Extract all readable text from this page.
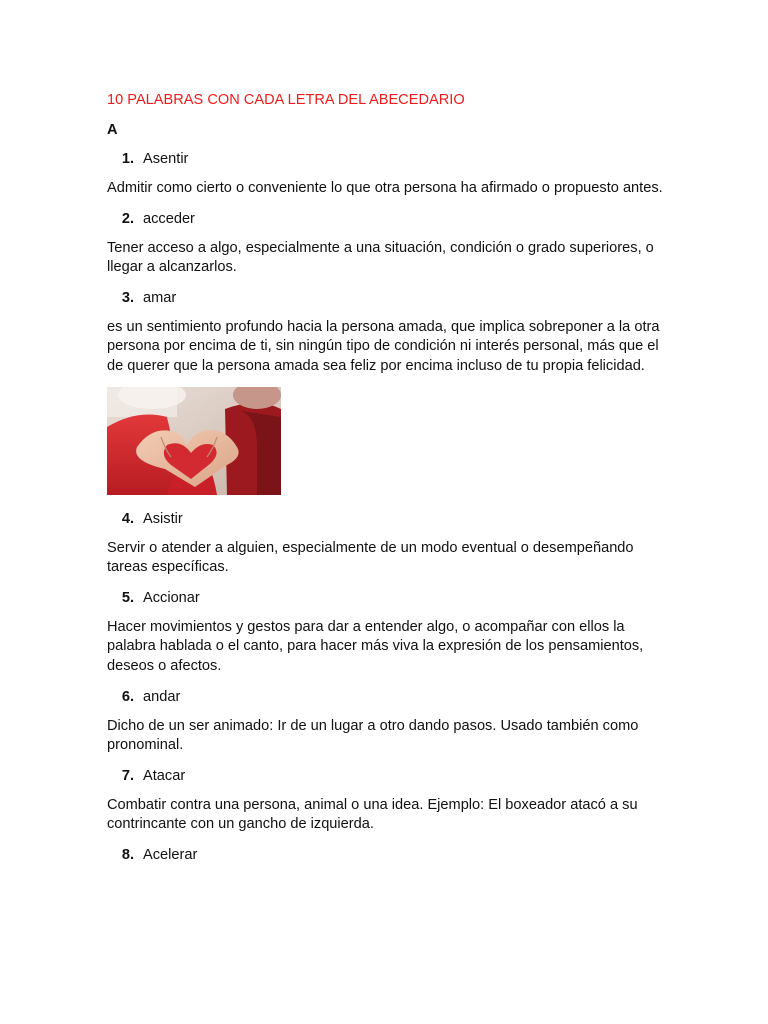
10 PALABRAS CON CADA LETRA DEL ABECEDARIO
A
1. Asentir

Admitir como cierto o conveniente lo que otra persona ha afirmado o propuesto antes.

2. acceder

Tener acceso a algo, especialmente a una situación, condición o grado superiores, o llegar a alcanzarlos.

3. amar

es un sentimiento profundo hacia la persona amada, que implica sobreponer a la otra persona por encima de ti, sin ningún tipo de condición ni interés personal, más que el de querer que la persona amada sea feliz por encima incluso de tu propia felicidad.

4. Asistir

Servir o atender a alguien, especialmente de un modo eventual o desempeñando tareas específicas.

5. Accionar

Hacer movimientos y gestos para dar a entender algo, o acompañar con ellos la palabra hablada o el canto, para hacer más viva la expresión de los pensamientos, deseos o afectos.

6. andar

Dicho de un ser animado: Ir de un lugar a otro dando pasos. Usado también como pronominal.

7. Atacar

Combatir contra una persona, animal o una idea. Ejemplo: El boxeador atacó a su contrincante con un gancho de izquierda.

8. Acelerar
